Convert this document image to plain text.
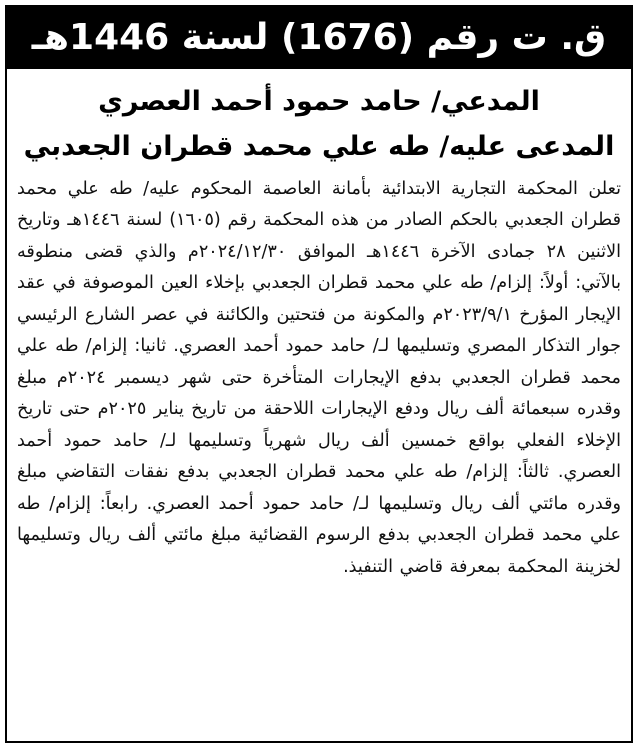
ق. ت رقم (1676) لسنة 1446هـ
المدعي/ حامد حمود أحمد العصري
المدعى عليه/ طه علي محمد قطران الجعدبي
تعلن المحكمة التجارية الابتدائية بأمانة العاصمة المحكوم عليه/ طه علي محمد قطران الجعدبي بالحكم الصادر من هذه المحكمة رقم (١٦٠٥) لسنة ١٤٤٦هـ وتاريخ الاثنين ٢٨ جمادى الآخرة ١٤٤٦هـ الموافق ٢٠٢٤/١٢/٣٠م والذي قضى منطوقه بالآتي: أولاً: إلزام/ طه علي محمد قطران الجعدبي بإخلاء العين الموصوفة في عقد الإيجار المؤرخ ٢٠٢٣/٩/١م والمكونة من فتحتين والكائنة في عصر الشارع الرئيسي جوار التذكار المصري وتسليمها لـ/ حامد حمود أحمد العصري. ثانيا: إلزام/ طه علي محمد قطران الجعدبي بدفع الإيجارات المتأخرة حتى شهر ديسمبر ٢٠٢٤م مبلغ وقدره سبعمائة ألف ريال ودفع الإيجارات اللاحقة من تاريخ يناير ٢٠٢٥م حتى تاريخ الإخلاء الفعلي بواقع خمسين ألف ريال شهرياً وتسليمها لـ/ حامد حمود أحمد العصري. ثالثاً: إلزام/ طه علي محمد قطران الجعدبي بدفع نفقات التقاضي مبلغ وقدره مائتي ألف ريال وتسليمها لـ/ حامد حمود أحمد العصري. رابعاً: إلزام/ طه علي محمد قطران الجعدبي بدفع الرسوم القضائية مبلغ مائتي ألف ريال وتسليمها لخزينة المحكمة بمعرفة قاضي التنفيذ.
